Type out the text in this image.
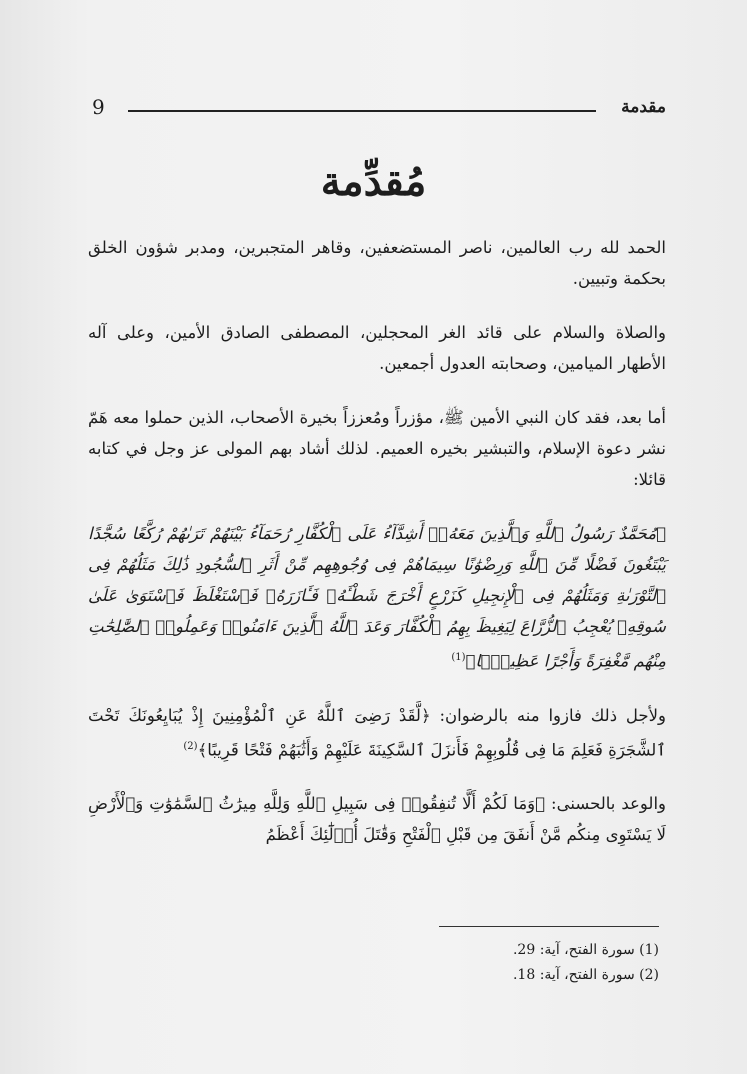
مقدمة
9
مُقدِّمة

الحمد لله رب العالمين، ناصر المستضعفين، وقاهر المتجبرين، ومدبر شؤون الخلق بحكمة وتبيين.

والصلاة والسلام على قائد الغر المحجلين، المصطفى الصادق الأمين، وعلى آله الأطهار الميامين، وصحابته العدول أجمعين.

أما بعد، فقد كان النبي الأمين ﷺ، مؤزراً ومُعززاً بخيرة الأصحاب، الذين حملوا معه هَمّ نشر دعوة الإسلام، والتبشير بخيره العميم. لذلك أشاد بهم المولى عز وجل في كتابه قائلا:

﴿مُحَمَّدٌ رَسُولُ ٱللَّهِ وَٱلَّذِينَ مَعَهُۥٓ أَشِدَّآءُ عَلَى ٱلْكُفَّارِ رُحَمَآءُ بَيْنَهُمْ تَرَىٰهُمْ رُكَّعًا سُجَّدًا يَبْتَغُونَ فَضْلًا مِّنَ ٱللَّهِ وَرِضْوَٰنًا سِيمَاهُمْ فِى وُجُوهِهِم مِّنْ أَثَرِ ٱلسُّجُودِ ذَٰلِكَ مَثَلُهُمْ فِى ٱلتَّوْرَىٰةِ وَمَثَلُهُمْ فِى ٱلْإِنجِيلِ كَزَرْعٍ أَخْرَجَ شَطْـَٔهُۥ فَـَٔازَرَهُۥ فَٱسْتَغْلَظَ فَٱسْتَوَىٰ عَلَىٰ سُوقِهِۦ يُعْجِبُ ٱلزُّرَّاعَ لِيَغِيظَ بِهِمُ ٱلْكُفَّارَ وَعَدَ ٱللَّهُ ٱلَّذِينَ ءَامَنُوا۟ وَعَمِلُوا۟ ٱلصَّٰلِحَٰتِ مِنْهُم مَّغْفِرَةً وَأَجْرًا عَظِيمًۢا﴾$^{(1)}$

ولأجل ذلك فازوا منه بالرضوان: ﴿لَّقَدْ رَضِىَ ٱللَّهُ عَنِ ٱلْمُؤْمِنِينَ إِذْ يُبَايِعُونَكَ تَحْتَ ٱلشَّجَرَةِ فَعَلِمَ مَا فِى قُلُوبِهِمْ فَأَنزَلَ ٱلسَّكِينَةَ عَلَيْهِمْ وَأَثَٰبَهُمْ فَتْحًا قَرِيبًا﴾$^{(2)}$

والوعد بالحسنى: ﴿وَمَا لَكُمْ أَلَّا تُنفِقُوا۟ فِى سَبِيلِ ٱللَّهِ وَلِلَّهِ مِيرَٰثُ ٱلسَّمَٰوَٰتِ وَٱلْأَرْضِ لَا يَسْتَوِى مِنكُم مَّنْ أَنفَقَ مِن قَبْلِ ٱلْفَتْحِ وَقَٰتَلَ أُو۟لَٰٓئِكَ أَعْظَمُ

(1) سورة الفتح، آية: 29.
(2) سورة الفتح، آية: 18.
